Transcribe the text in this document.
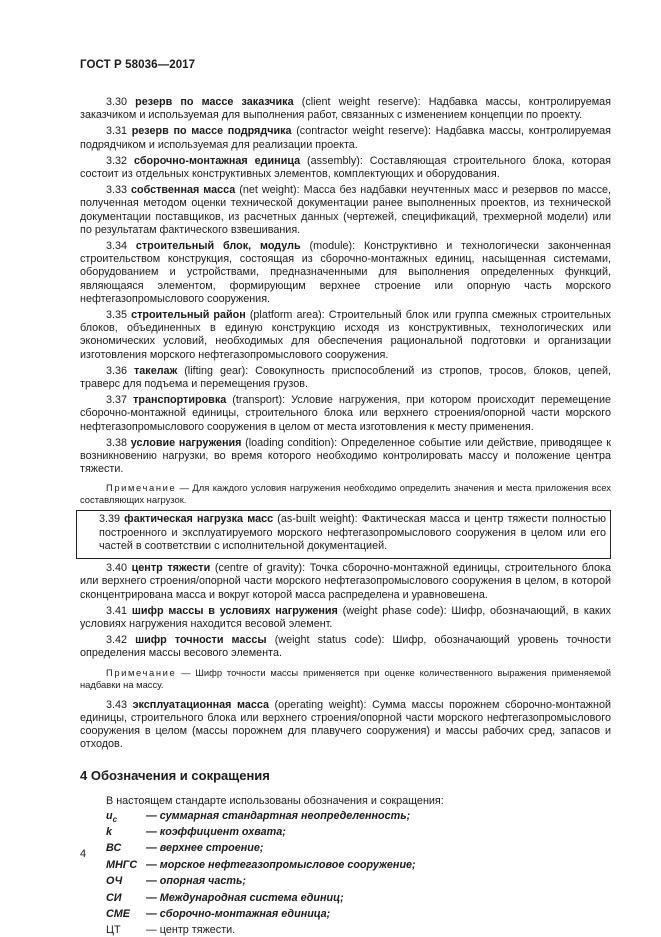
ГОСТ Р 58036—2017
3.30 резерв по массе заказчика (client weight reserve): Надбавка массы, контролируемая заказчиком и используемая для выполнения работ, связанных с изменением концепции по проекту.
3.31 резерв по массе подрядчика (contractor weight reserve): Надбавка массы, контролируемая подрядчиком и используемая для реализации проекта.
3.32 сборочно-монтажная единица (assembly): Составляющая строительного блока, которая состоит из отдельных конструктивных элементов, комплектующих и оборудования.
3.33 собственная масса (net weight): Масса без надбавки неучтенных масс и резервов по массе, полученная методом оценки технической документации ранее выполненных проектов, из технической документации поставщиков, из расчетных данных (чертежей, спецификаций, трехмерной модели) или по результатам фактического взвешивания.
3.34 строительный блок, модуль (module): Конструктивно и технологически законченная строительством конструкция, состоящая из сборочно-монтажных единиц, насыщенная системами, оборудованием и устройствами, предназначенными для выполнения определенных функций, являющаяся элементом, формирующим верхнее строение или опорную часть морского нефтегазопромыслового сооружения.
3.35 строительный район (platform area): Строительный блок или группа смежных строительных блоков, объединенных в единую конструкцию исходя из конструктивных, технологических или экономических условий, необходимых для обеспечения рациональной подготовки и организации изготовления морского нефтегазопромыслового сооружения.
3.36 такелаж (lifting gear): Совокупность приспособлений из стропов, тросов, блоков, цепей, траверс для подъема и перемещения грузов.
3.37 транспортировка (transport): Условие нагружения, при котором происходит перемещение сборочно-монтажной единицы, строительного блока или верхнего строения/опорной части морского нефтегазопромыслового сооружения в целом от места изготовления к месту применения.
3.38 условие нагружения (loading condition): Определенное событие или действие, приводящее к возникновению нагрузки, во время которого необходимо контролировать массу и положение центра тяжести.
Примечание — Для каждого условия нагружения необходимо определить значения и места приложения всех составляющих нагрузок.
3.39 фактическая нагрузка масс (as-built weight): Фактическая масса и центр тяжести полностью построенного и эксплуатируемого морского нефтегазопромыслового сооружения в целом или его частей в соответствии с исполнительной документацией.
3.40 центр тяжести (centre of gravity): Точка сборочно-монтажной единицы, строительного блока или верхнего строения/опорной части морского нефтегазопромыслового сооружения в целом, в которой сконцентрирована масса и вокруг которой масса распределена и уравновешена.
3.41 шифр массы в условиях нагружения (weight phase code): Шифр, обозначающий, в каких условиях нагружения находится весовой элемент.
3.42 шифр точности массы (weight status code): Шифр, обозначающий уровень точности определения массы весового элемента.
Примечание — Шифр точности массы применяется при оценке количественного выражения применяемой надбавки на массу.
3.43 эксплуатационная масса (operating weight): Сумма массы порожнем сборочно-монтажной единицы, строительного блока или верхнего строения/опорной части морского нефтегазопромыслового сооружения в целом (массы порожнем для плавучего сооружения) и массы рабочих сред, запасов и отходов.
4 Обозначения и сокращения
В настоящем стандарте использованы обозначения и сокращения:
$u_c$	— суммарная стандартная неопределенность;
k	— коэффициент охвата;
ВС	— верхнее строение;
МНГС — морское нефтегазопромысловое сооружение;
ОЧ	— опорная часть;
СИ	— Международная система единиц;
СМЕ	— сборочно-монтажная единица;
ЦТ	— центр тяжести.
4
